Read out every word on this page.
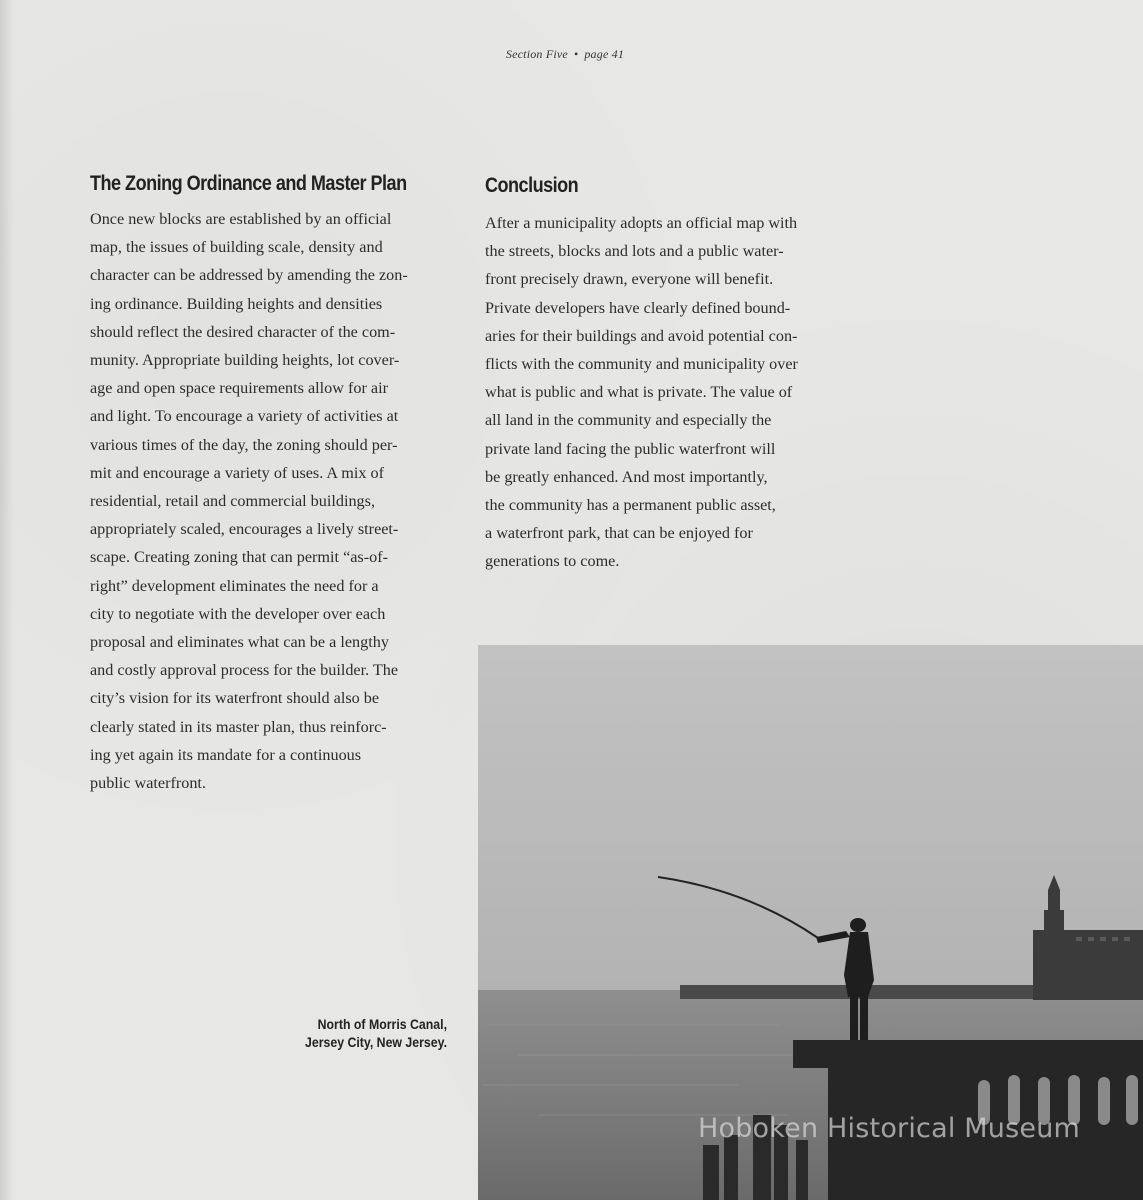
Section Five • page 41
The Zoning Ordinance and Master Plan
Once new blocks are established by an official
map, the issues of building scale, density and
character can be addressed by amending the zon-
ing ordinance. Building heights and densities
should reflect the desired character of the com-
munity. Appropriate building heights, lot cover-
age and open space requirements allow for air
and light. To encourage a variety of activities at
various times of the day, the zoning should per-
mit and encourage a variety of uses. A mix of
residential, retail and commercial buildings,
appropriately scaled, encourages a lively street-
scape. Creating zoning that can permit “as-of-
right” development eliminates the need for a
city to negotiate with the developer over each
proposal and eliminates what can be a lengthy
and costly approval process for the builder. The
city’s vision for its waterfront should also be
clearly stated in its master plan, thus reinforc-
ing yet again its mandate for a continuous
public waterfront.
Conclusion
After a municipality adopts an official map with
the streets, blocks and lots and a public water-
front precisely drawn, everyone will benefit.
Private developers have clearly defined bound-
aries for their buildings and avoid potential con-
flicts with the community and municipality over
what is public and what is private. The value of
all land in the community and especially the
private land facing the public waterfront will
be greatly enhanced. And most importantly,
the community has a permanent public asset,
a waterfront park, that can be enjoyed for
generations to come.
North of Morris Canal,
Jersey City, New Jersey.
Hoboken Historical Museum
